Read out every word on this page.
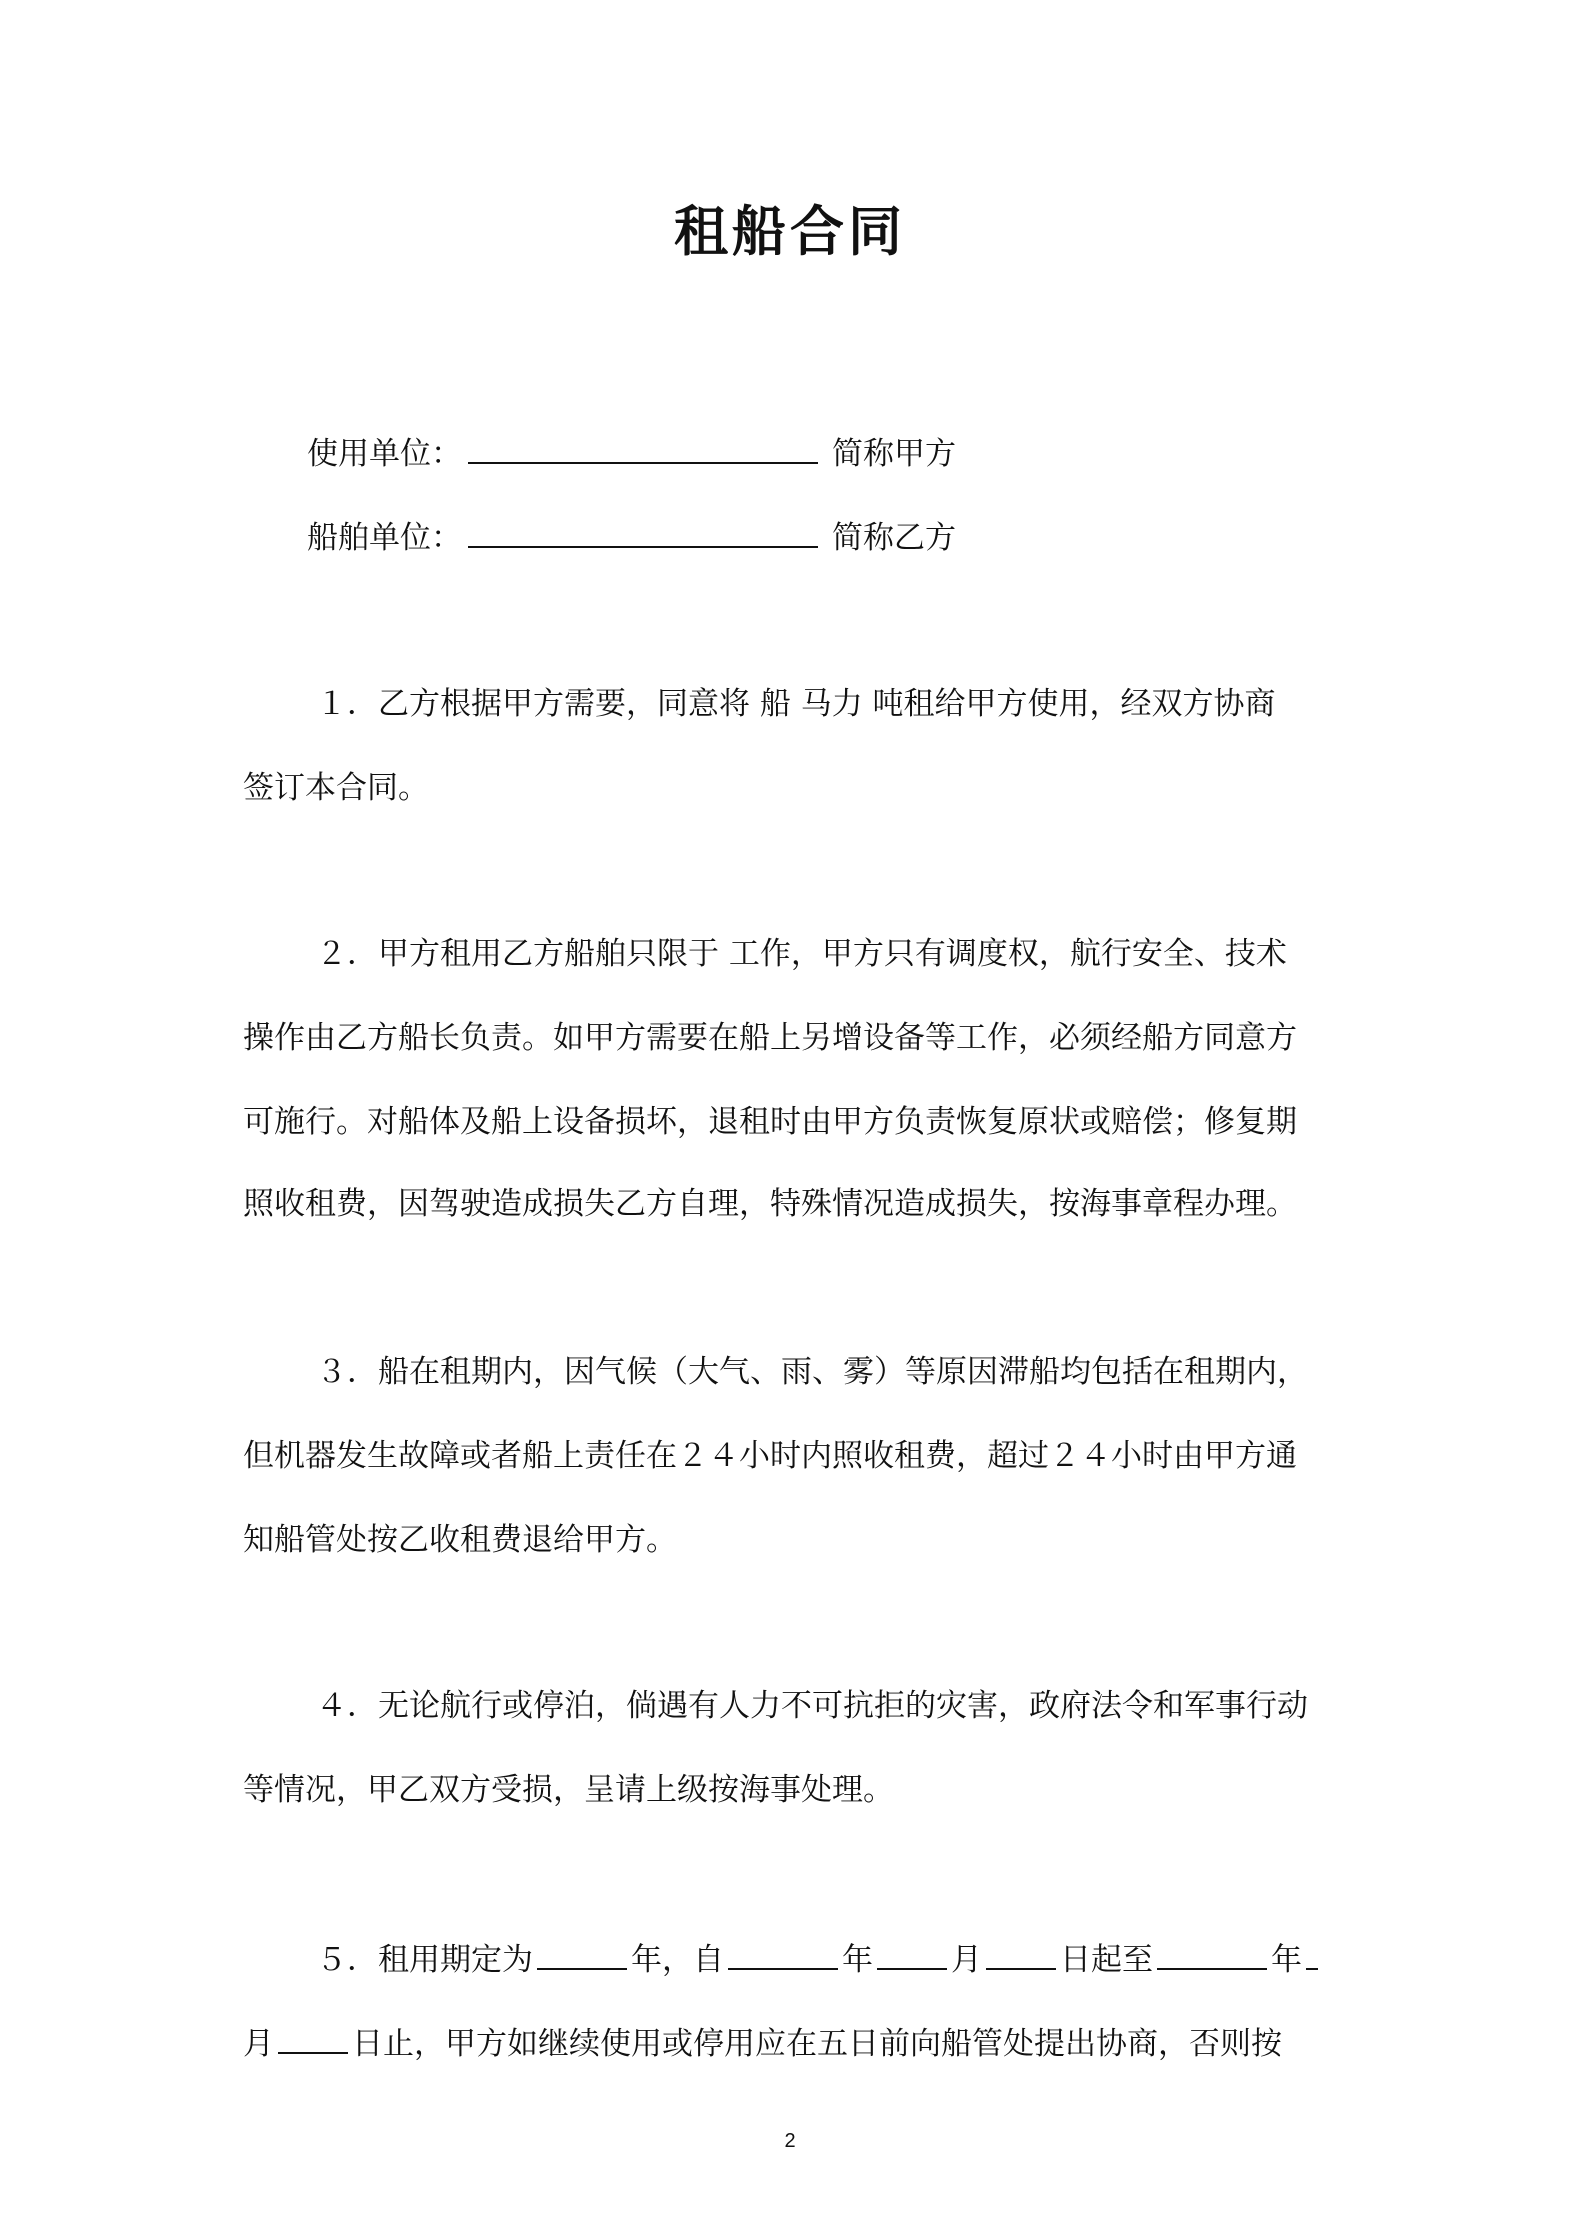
租船合同
使用单位：	简称甲方
船舶单位：	简称乙方
１．乙方根据甲方需要，同意将 船 马力 吨租给甲方使用，经双方协商
签订本合同。
２．甲方租用乙方船舶只限于 工作，甲方只有调度权，航行安全、技术
操作由乙方船长负责。如甲方需要在船上另增设备等工作，必须经船方同意方
可施行。对船体及船上设备损坏，退租时由甲方负责恢复原状或赔偿；修复期
照收租费，因驾驶造成损失乙方自理，特殊情况造成损失，按海事章程办理。
３．船在租期内，因气候（大气、雨、雾）等原因滞船均包括在租期内，
但机器发生故障或者船上责任在２４小时内照收租费，超过２４小时由甲方通
知船管处按乙收租费退给甲方。
４．无论航行或停泊，倘遇有人力不可抗拒的灾害，政府法令和军事行动
等情况，甲乙双方受损，呈请上级按海事处理。
５．租用期定为	年，自	年	月	日起至	年
月	日止，甲方如继续使用或停用应在五日前向船管处提出协商，否则按
2
